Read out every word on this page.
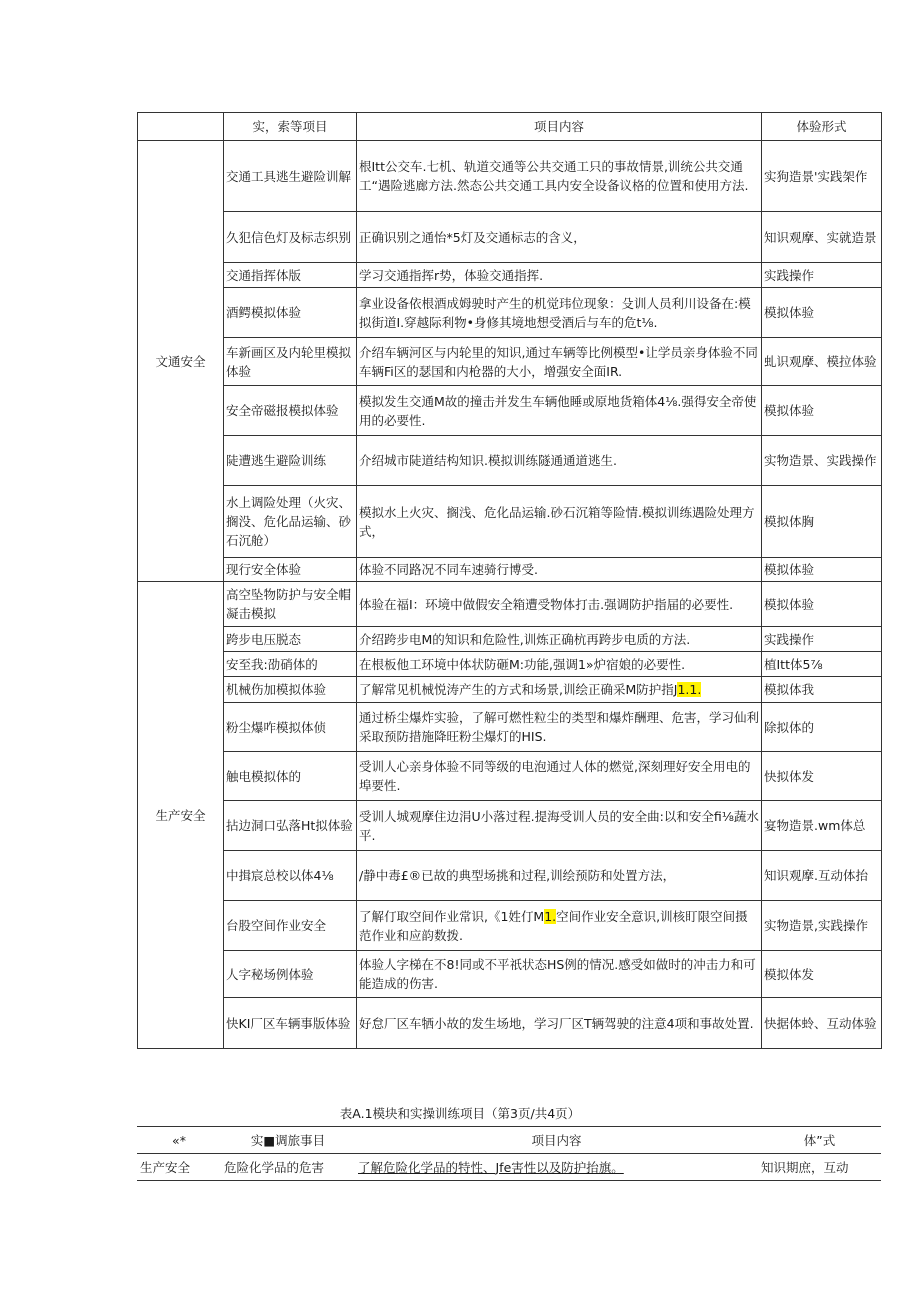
	实，索等项目	项目内容	体验形式
文通安全	交通工具逃生避险训解	根Itt公交车.七机、轨道交通等公共交通工只的事故情景,训统公共交通工“遇险逃廊方法.然态公共交通工具内安全设备议格的位置和使用方法.	实狗造景'实践架作
	久犯信色灯及标志织别	正确识别之通怡*5灯及交通标志的含义，	知识观摩、实就造景
	交通指挥体版	学习交通指挥r势，体验交通指挥.	实践操作
	酒鳄模拟体验	拿业设备依根酒成姆驶时产生的机觉玮位现象：殳训人员利川设备在:模拟街道I.穿越际利物•身修其境地想受酒后与车的危t⅛.	模拟体验
	车新画区及内轮里模拟体验	介绍车辆河区与内轮里的知识,通过车辆等比例模型•让学员亲身体验不同车辆Fi区的瑟国和内枪器的大小，增强安全面IR.	虬识观摩、模拉体验
	安全帝磁报模拟体验	模拟发生交通M故的撞击并发生车辆他睡或原地货箱体4⅛.强得安全帝使用的必要性.	模拟体验
	陡遭逃生避险训练	介绍城市陡道结构知识.模拟训练隧通通道逃生.	实物造景、实践操作
	水上调险处理（火灾、搁没、危化品运输、砂石沉舱）	模拟水上火灾、搁浅、危化品运输.砂石沉箱等险情.模拟训练遇险处理方式，	模拟体胸
	现行安全体验	体验不同路况不同车速骑行博受.	模拟体验
生产安全	高空坠物防护与安全帽凝击模拟	体验在福I：环境中做假安全箱遭受物体打击.强调防护指届的必要性.	模拟体验
	跨步电压脱态	介绍跨步电M的知识和危险性,训炼正确杭再跨步电质的方法.	实践操作
	安至我:劭硝体的	在根板他工环境中体状防砸M:功能,强调1»炉宿娘的必要性.	植Itt体5⅞
	机械伤加模拟体验	了解常见机械悦涛产生的方式和场景,训绘正确采M防护指J1.1.	模拟体我
	粉尘爆咋模拟体侦	通过桥尘爆炸实验，了解可燃性粒尘的类型和爆炸酬理、危害，学习仙利采取预防措施降旺粉尘爆灯的HIS.	除拟体的
	触电模拟体的	受训人心亲身体验不同等级的电泡通过人体的燃觉,深刻理好安全用电的埠要性.	快拟体发
	拈边洞口弘落Ht拟体验	受训人城观摩住边涓U小落过程.提海受训人员的安全曲:以和安全fi⅛蔬水平.	宴物造景.wm体总
	中揖宸总校以体4⅛	/静中毒£®已故的典型场挑和过程,训绘预防和处置方法，	知识观摩.互动体抬
	台股空间作业安全	了解仃取空间作业常识,《1姓仃M1.空间作业安全意识,训核盯限空间摄范作业和应韵数拨.	实物造景,实践操作
	人字秘场例体验	体验人字梯在不8!同或不平祇状态HS例的情况.感受如做时的冲击力和可能造成的伤害.	模拟体发
	快KI厂区车辆事版体验	好怠厂区车牺小故的发生场地，学习厂区T辆驾驶的注意4项和事故处置.	快据体蛉、互动体验
表A.1模块和实操训练项目（第3页/共4页）
«*	实■调旅事目	项目内容	体”式
生产安全	危险化学品的危害	了解危险化学品的特性、Jfe害性以及防护抬旗。	知识期庶，互动
